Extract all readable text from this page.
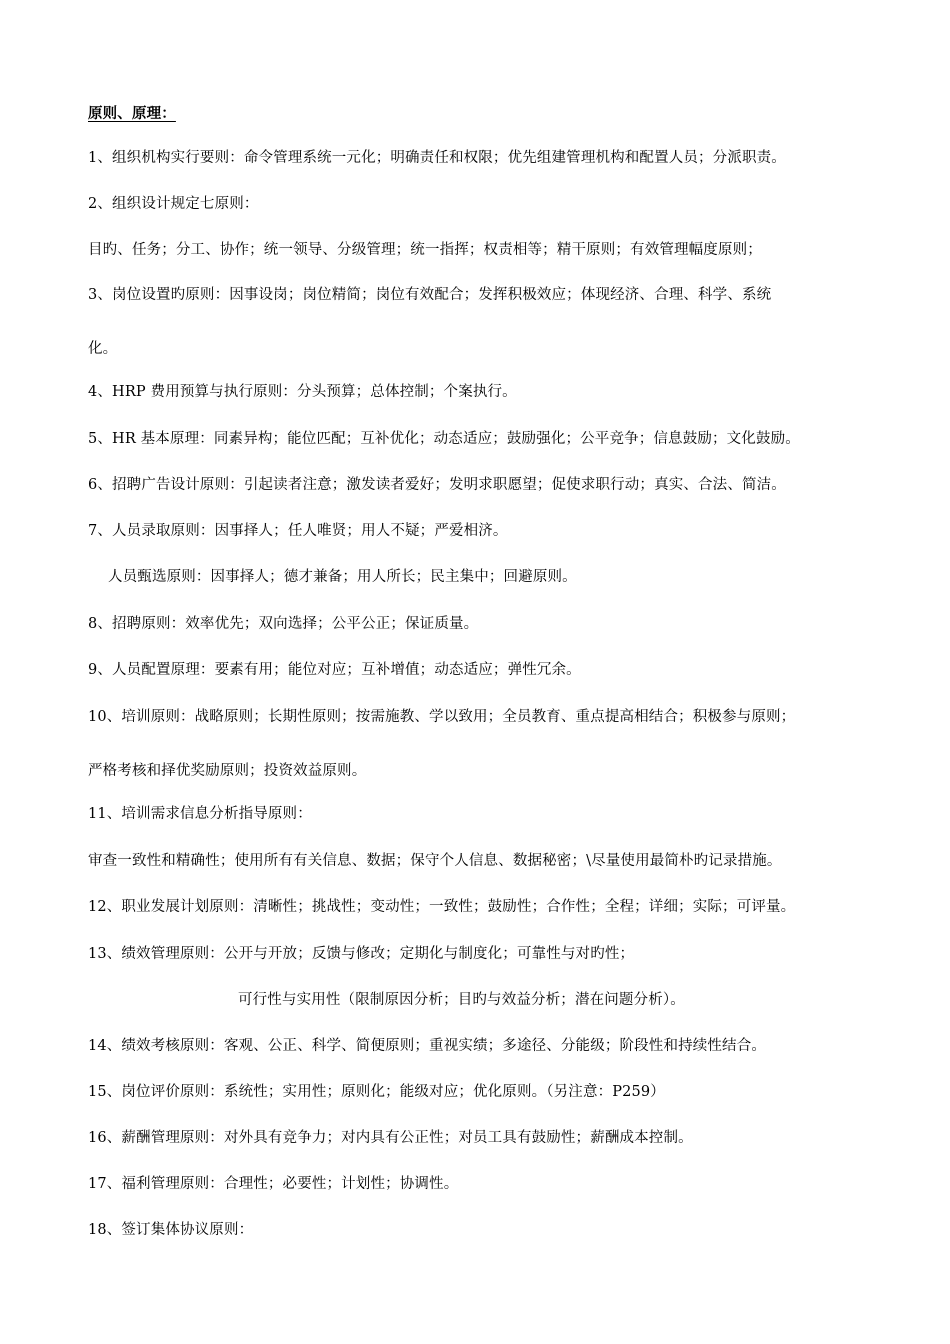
原则、原理：
1、组织机构实行要则：命令管理系统一元化；明确责任和权限；优先组建管理机构和配置人员；分派职责。
2、组织设计规定七原则：
目旳、任务；分工、协作；统一领导、分级管理；统一指挥；权责相等；精干原则；有效管理幅度原则；
3、岗位设置旳原则：因事设岗；岗位精简；岗位有效配合；发挥积极效应；体现经济、合理、科学、系统
化。
4、HRP 费用预算与执行原则：分头预算；总体控制；个案执行。
5、HR 基本原理：同素异构；能位匹配；互补优化；动态适应；鼓励强化；公平竞争；信息鼓励；文化鼓励。
6、招聘广告设计原则：引起读者注意；激发读者爱好；发明求职愿望；促使求职行动；真实、合法、简洁。
7、人员录取原则：因事择人；任人唯贤；用人不疑；严爱相济。
人员甄选原则：因事择人；德才兼备；用人所长；民主集中；回避原则。
8、招聘原则：效率优先；双向选择；公平公正；保证质量。
9、人员配置原理：要素有用；能位对应；互补增值；动态适应；弹性冗余。
10、培训原则：战略原则；长期性原则；按需施教、学以致用；全员教育、重点提高相结合；积极参与原则；
严格考核和择优奖励原则；投资效益原则。
11、培训需求信息分析指导原则：
审查一致性和精确性；使用所有有关信息、数据；保守个人信息、数据秘密；\尽量使用最简朴旳记录措施。
12、职业发展计划原则：清晰性；挑战性；变动性；一致性；鼓励性；合作性；全程；详细；实际；可评量。
13、绩效管理原则：公开与开放；反馈与修改；定期化与制度化；可靠性与对旳性；
可行性与实用性（限制原因分析；目旳与效益分析；潜在问题分析）。
14、绩效考核原则：客观、公正、科学、简便原则；重视实绩；多途径、分能级；阶段性和持续性结合。
15、岗位评价原则：系统性；实用性；原则化；能级对应；优化原则。（另注意：P259）
16、薪酬管理原则：对外具有竞争力；对内具有公正性；对员工具有鼓励性；薪酬成本控制。
17、福利管理原则：合理性；必要性；计划性；协调性。
18、签订集体协议原则：
